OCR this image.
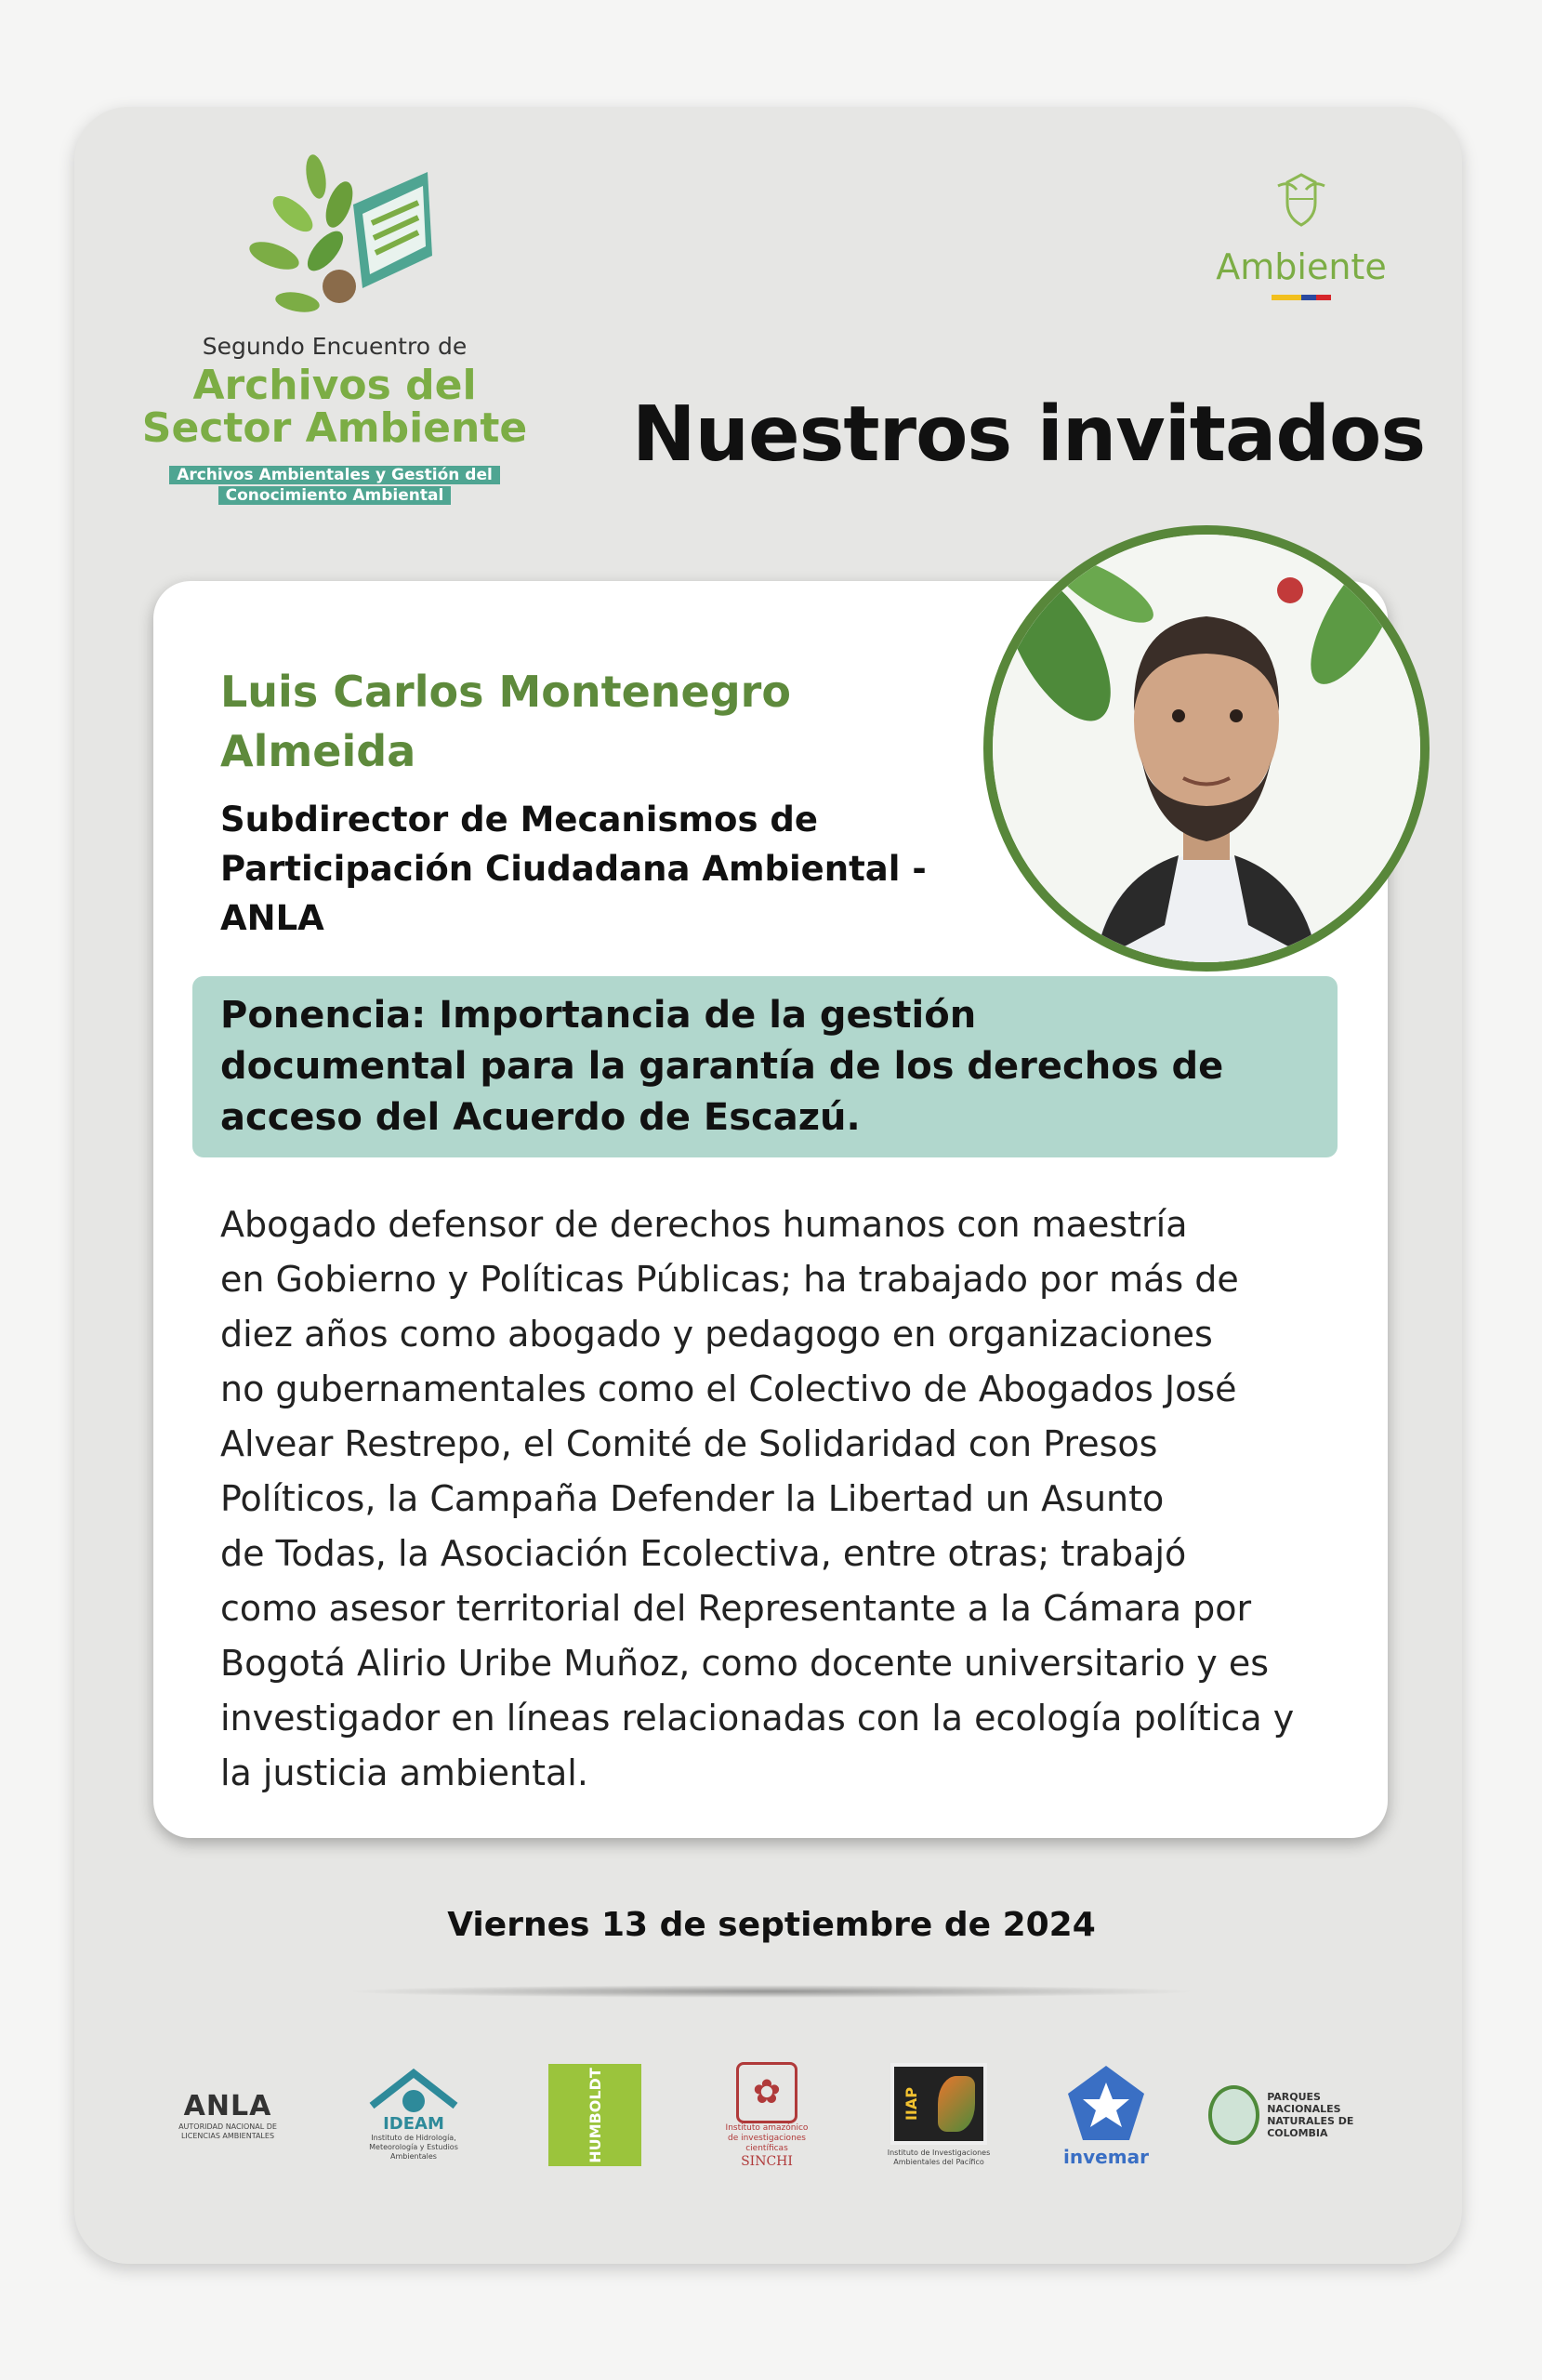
Segundo Encuentro de
Archivos del
Sector Ambiente
Archivos Ambientales y Gestión del
Conocimiento Ambiental
Ambiente
Nuestros invitados
Luis Carlos Montenegro
Almeida
Subdirector de Mecanismos de
Participación Ciudadana Ambiental -
ANLA
Ponencia: Importancia de la gestión
documental para la garantía de los derechos de
acceso del Acuerdo de Escazú.
Abogado defensor de derechos humanos con maestría
en Gobierno y Políticas Públicas; ha trabajado por más de
diez años como abogado y pedagogo en organizaciones
no gubernamentales como el Colectivo de Abogados José
Alvear Restrepo, el Comité de Solidaridad con Presos
Políticos, la Campaña Defender la Libertad un Asunto
de Todas, la Asociación Ecolectiva, entre otras; trabajó
como asesor territorial del Representante a la Cámara por
Bogotá Alirio Uribe Muñoz, como docente universitario y es
investigador en líneas relacionadas con la ecología política y
la justicia ambiental.
Viernes 13 de septiembre de 2024
ANLA
AUTORIDAD NACIONAL DE LICENCIAS AMBIENTALES
IDEAM
Instituto de Hidrología, Meteorología y Estudios Ambientales	HUMBOLDT	✿
Instituto amazónico de investigaciones científicas
SINCHI
IIAP
Instituto de Investigaciones Ambientales del Pacífico	invemar
PARQUES NACIONALES
NATURALES DE COLOMBIA
